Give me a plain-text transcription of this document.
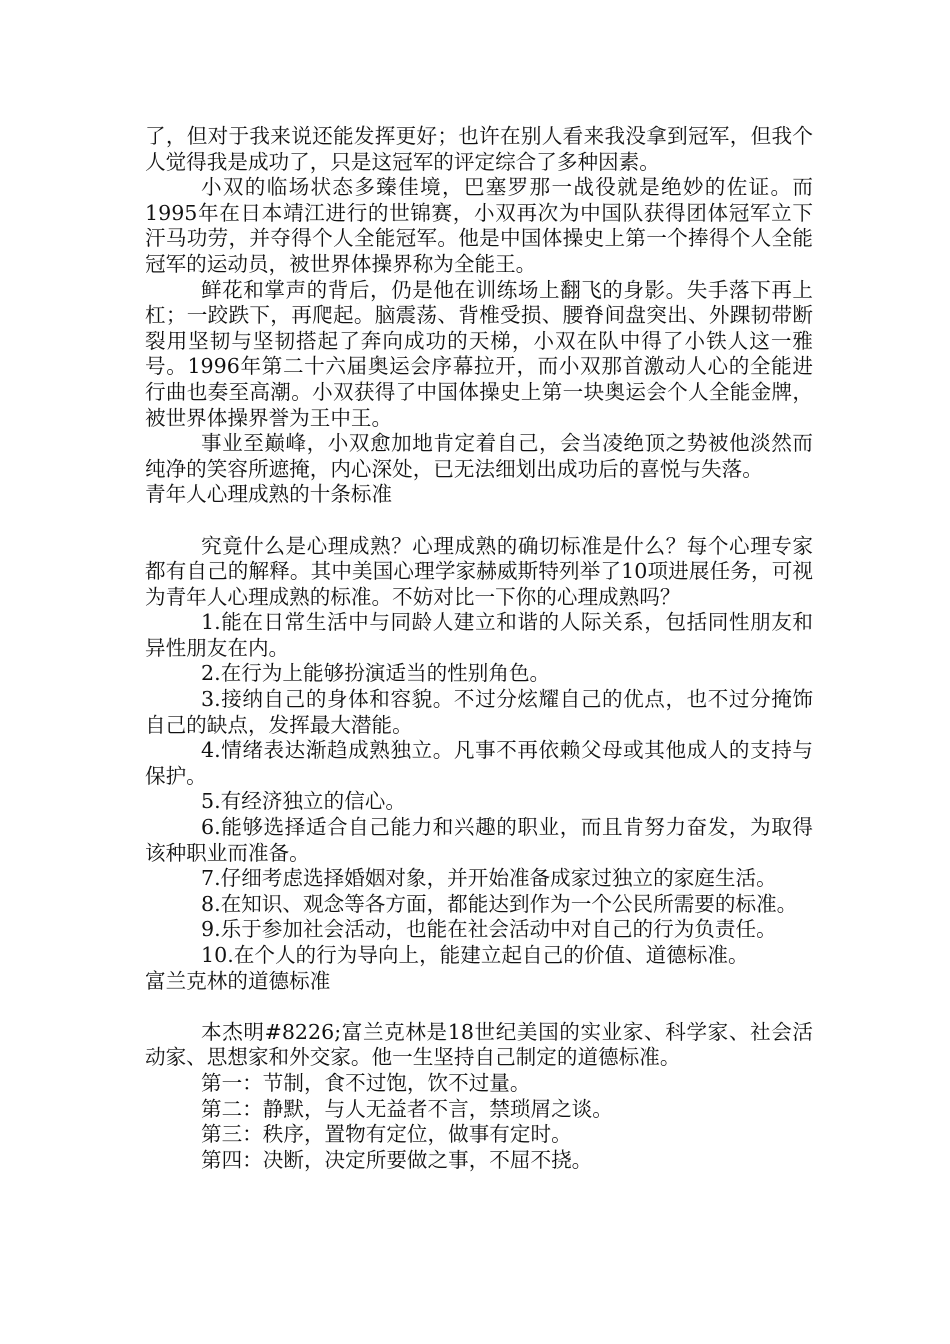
了，但对于我来说还能发挥更好；也许在别人看来我没拿到冠军，但我个人觉得我是成功了，只是这冠军的评定综合了多种因素。

小双的临场状态多臻佳境，巴塞罗那一战役就是绝妙的佐证。而1995年在日本靖江进行的世锦赛，小双再次为中国队获得团体冠军立下汗马功劳，并夺得个人全能冠军。他是中国体操史上第一个捧得个人全能冠军的运动员，被世界体操界称为全能王。

鲜花和掌声的背后，仍是他在训练场上翻飞的身影。失手落下再上杠；一跤跌下，再爬起。脑震荡、背椎受损、腰脊间盘突出、外踝韧带断裂用坚韧与坚韧搭起了奔向成功的天梯，小双在队中得了小铁人这一雅号。1996年第二十六届奥运会序幕拉开，而小双那首激动人心的全能进行曲也奏至高潮。小双获得了中国体操史上第一块奥运会个人全能金牌，被世界体操界誉为王中王。

事业至巅峰，小双愈加地肯定着自己，会当凌绝顶之势被他淡然而纯净的笑容所遮掩，内心深处，已无法细划出成功后的喜悦与失落。

青年人心理成熟的十条标准

究竟什么是心理成熟？心理成熟的确切标准是什么？每个心理专家都有自己的解释。其中美国心理学家赫威斯特列举了10项进展任务，可视为青年人心理成熟的标准。不妨对比一下你的心理成熟吗？

1.能在日常生活中与同龄人建立和谐的人际关系，包括同性朋友和异性朋友在内。

2.在行为上能够扮演适当的性别角色。

3.接纳自己的身体和容貌。不过分炫耀自己的优点，也不过分掩饰自己的缺点，发挥最大潜能。

4.情绪表达渐趋成熟独立。凡事不再依赖父母或其他成人的支持与保护。

5.有经济独立的信心。

6.能够选择适合自己能力和兴趣的职业，而且肯努力奋发，为取得该种职业而准备。

7.仔细考虑选择婚姻对象，并开始准备成家过独立的家庭生活。

8.在知识、观念等各方面，都能达到作为一个公民所需要的标准。

9.乐于参加社会活动，也能在社会活动中对自己的行为负责任。

10.在个人的行为导向上，能建立起自己的价值、道德标准。

富兰克林的道德标准

本杰明#8226;富兰克林是18世纪美国的实业家、科学家、社会活动家、思想家和外交家。他一生坚持自己制定的道德标准。

第一：节制，食不过饱，饮不过量。

第二：静默，与人无益者不言，禁琐屑之谈。

第三：秩序，置物有定位，做事有定时。

第四：决断，决定所要做之事，不屈不挠。
